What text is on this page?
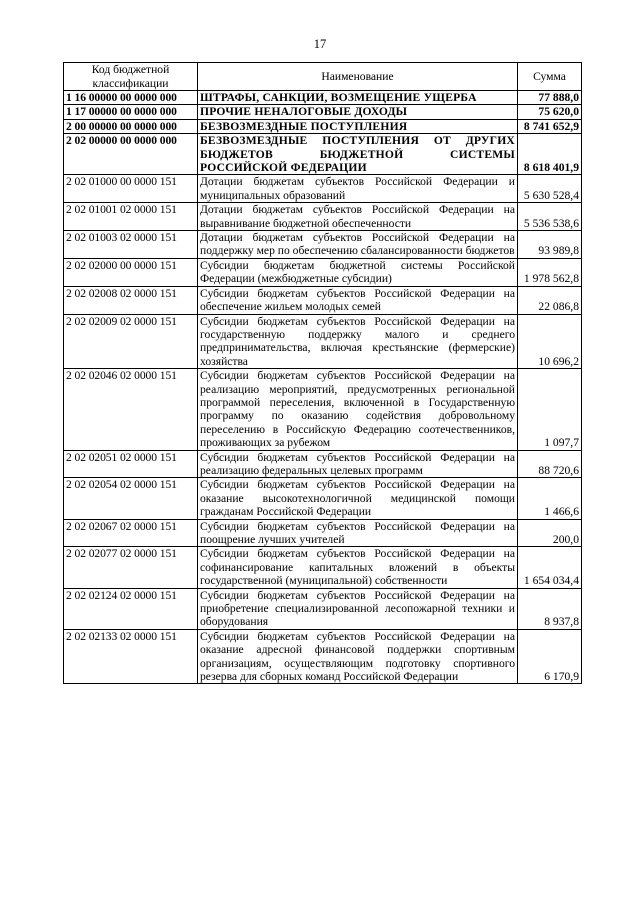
17
Код бюджетной классификации	Наименование	Сумма
1 16 00000 00 0000 000	ШТРАФЫ, САНКЦИИ, ВОЗМЕЩЕНИЕ УЩЕРБА	77 888,0
1 17 00000 00 0000 000	ПРОЧИЕ НЕНАЛОГОВЫЕ ДОХОДЫ	75 620,0
2 00 00000 00 0000 000	БЕЗВОЗМЕЗДНЫЕ ПОСТУПЛЕНИЯ	8 741 652,9
2 02 00000 00 0000 000	БЕЗВОЗМЕЗДНЫЕ ПОСТУПЛЕНИЯ ОТ ДРУГИХ БЮДЖЕТОВ БЮДЖЕТНОЙ СИСТЕМЫ РОССИЙСКОЙ ФЕДЕРАЦИИ	8 618 401,9
2 02 01000 00 0000 151	Дотации бюджетам субъектов Российской Федерации и муниципальных образований	5 630 528,4
2 02 01001 02 0000 151	Дотации бюджетам субъектов Российской Федерации на выравнивание бюджетной обеспеченности	5 536 538,6
2 02 01003 02 0000 151	Дотации бюджетам субъектов Российской Федерации на поддержку мер по обеспечению сбалансированности бюджетов	93 989,8
2 02 02000 00 0000 151	Субсидии бюджетам бюджетной системы Российской Федерации (межбюджетные субсидии)	1 978 562,8
2 02 02008 02 0000 151	Субсидии бюджетам субъектов Российской Федерации на обеспечение жильем молодых семей	22 086,8
2 02 02009 02 0000 151	Субсидии бюджетам субъектов Российской Федерации на государственную поддержку малого и среднего предпринимательства, включая крестьянские (фермерские) хозяйства	10 696,2
2 02 02046 02 0000 151	Субсидии бюджетам субъектов Российской Федерации на реализацию мероприятий, предусмотренных региональной программой переселения, включенной в Государственную программу по оказанию содействия добровольному переселению в Российскую Федерацию соотечественников, проживающих за рубежом	1 097,7
2 02 02051 02 0000 151	Субсидии бюджетам субъектов Российской Федерации на реализацию федеральных целевых программ	88 720,6
2 02 02054 02 0000 151	Субсидии бюджетам субъектов Российской Федерации на оказание высокотехнологичной медицинской помощи гражданам Российской Федерации	1 466,6
2 02 02067 02 0000 151	Субсидии бюджетам субъектов Российской Федерации на поощрение лучших учителей	200,0
2 02 02077 02 0000 151	Субсидии бюджетам субъектов Российской Федерации на софинансирование капитальных вложений в объекты государственной (муниципальной) собственности	1 654 034,4
2 02 02124 02 0000 151	Субсидии бюджетам субъектов Российской Федерации на приобретение специализированной лесопожарной техники и оборудования	8 937,8
2 02 02133 02 0000 151	Субсидии бюджетам субъектов Российской Федерации на оказание адресной финансовой поддержки спортивным организациям, осуществляющим подготовку спортивного резерва для сборных команд Российской Федерации	6 170,9
